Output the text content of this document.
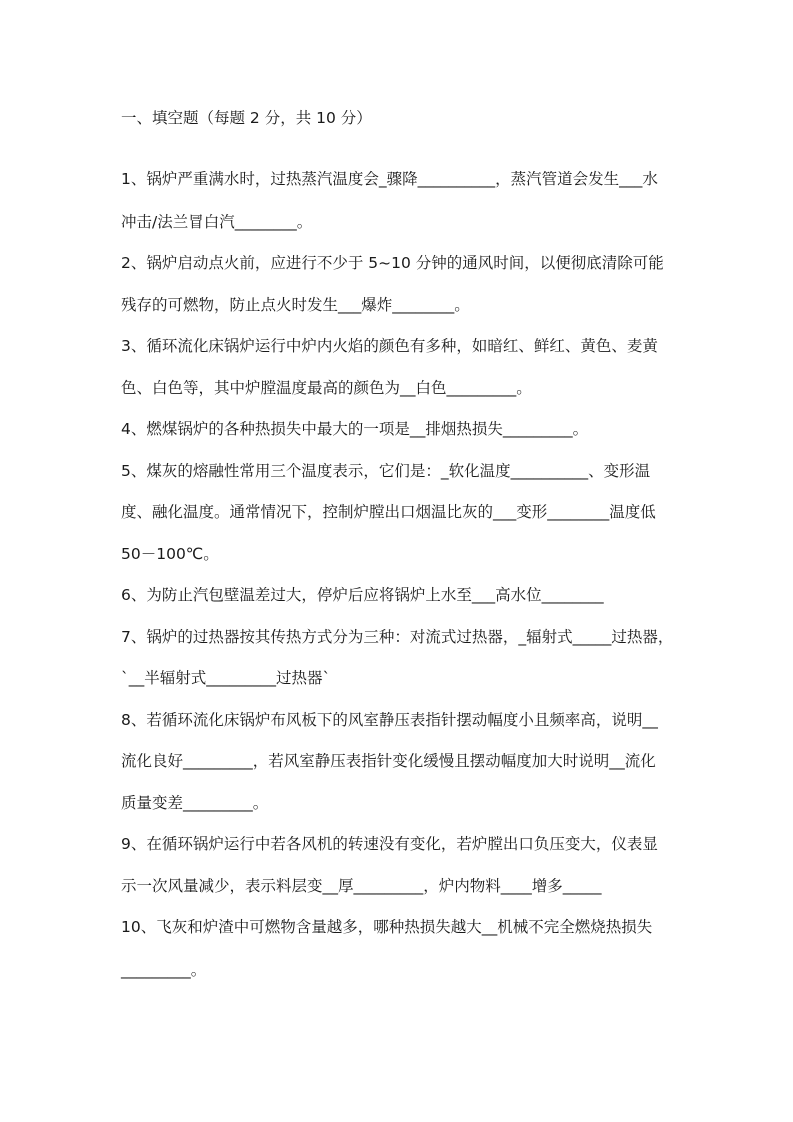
一、填空题（每题 2 分，共 10 分）
1、锅炉严重满水时，过热蒸汽温度会_骤降__________，蒸汽管道会发生___水
冲击/法兰冒白汽________。
2、锅炉启动点火前，应进行不少于 5~10 分钟的通风时间，以便彻底清除可能
残存的可燃物，防止点火时发生___爆炸________。
3、循环流化床锅炉运行中炉内火焰的颜色有多种，如暗红、鲜红、黄色、麦黄
色、白色等，其中炉膛温度最高的颜色为__白色_________。
4、燃煤锅炉的各种热损失中最大的一项是__排烟热损失_________。
5、煤灰的熔融性常用三个温度表示，它们是：_软化温度__________、变形温
度、融化温度。通常情况下，控制炉膛出口烟温比灰的___变形________温度低
50－100℃。
6、为防止汽包壁温差过大，停炉后应将锅炉上水至___高水位________
7、锅炉的过热器按其传热方式分为三种：对流式过热器，_辐射式_____过热器，
`__半辐射式_________过热器`
8、若循环流化床锅炉布风板下的风室静压表指针摆动幅度小且频率高，说明__
流化良好_________，若风室静压表指针变化缓慢且摆动幅度加大时说明__流化
质量变差_________。
9、在循环锅炉运行中若各风机的转速没有变化，若炉膛出口负压变大，仪表显
示一次风量减少，表示料层变__厚_________，炉内物料____增多_____
10、飞灰和炉渣中可燃物含量越多，哪种热损失越大__机械不完全燃烧热损失
_________。
